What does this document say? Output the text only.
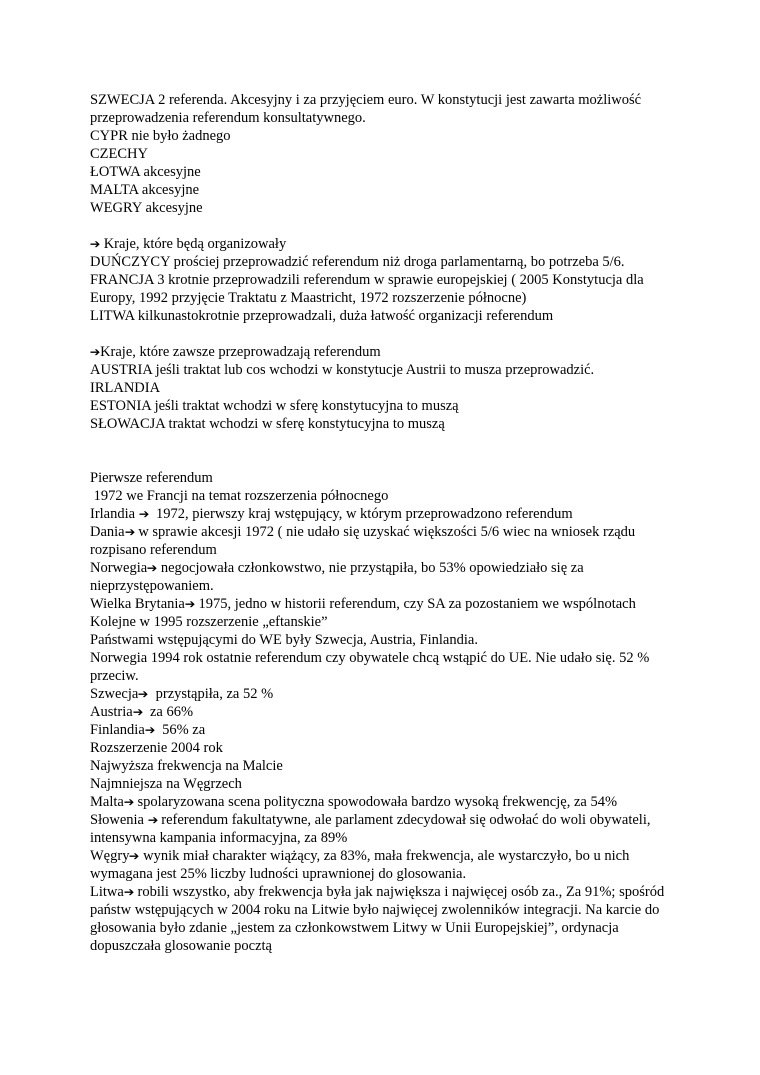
SZWECJA 2 referenda. Akcesyjny i za przyjęciem euro. W konstytucji jest zawarta możliwość przeprowadzenia referendum konsultatywnego.

CYPR nie było żadnego

CZECHY

ŁOTWA akcesyjne

MALTA akcesyjne

WEGRY akcesyjne

➔ Kraje, które będą organizowały

DUŃCZYCY prościej przeprowadzić referendum niż droga parlamentarną, bo potrzeba 5/6.

FRANCJA 3 krotnie przeprowadzili referendum w sprawie europejskiej ( 2005 Konstytucja dla Europy, 1992 przyjęcie Traktatu z Maastricht, 1972 rozszerzenie północne)

LITWA kilkunastokrotnie przeprowadzali, duża łatwość organizacji referendum

➔Kraje, które zawsze przeprowadzają referendum

AUSTRIA jeśli traktat lub cos wchodzi w konstytucje Austrii to musza przeprowadzić.

IRLANDIA

ESTONIA jeśli traktat wchodzi w sferę konstytucyjna to muszą

SŁOWACJA traktat wchodzi w sferę konstytucyjna to muszą

Pierwsze referendum

1972 we Francji na temat rozszerzenia północnego

Irlandia ➔  1972, pierwszy kraj wstępujący, w którym przeprowadzono referendum

Dania➔ w sprawie akcesji 1972 ( nie udało się uzyskać większości 5/6 wiec na wniosek rządu rozpisano referendum

Norwegia➔ negocjowała członkowstwo, nie przystąpiła, bo 53% opowiedziało się za nieprzystępowaniem.

Wielka Brytania➔ 1975, jedno w historii referendum, czy SA za pozostaniem we wspólnotach

Kolejne w 1995 rozszerzenie „eftanskie”

Państwami wstępującymi do WE były Szwecja, Austria, Finlandia.

Norwegia 1994 rok ostatnie referendum czy obywatele chcą wstąpić do UE. Nie udało się. 52 % przeciw.

Szwecja➔  przystąpiła, za 52 %

Austria➔  za 66%

Finlandia➔  56% za

Rozszerzenie 2004 rok

Najwyższa frekwencja na Malcie

Najmniejsza na Węgrzech

Malta➔ spolaryzowana scena polityczna spowodowała bardzo wysoką frekwencję, za 54%

Słowenia ➔ referendum fakultatywne, ale parlament zdecydował się odwołać do woli obywateli, intensywna kampania informacyjna, za 89%

Węgry➔ wynik miał charakter wiążący, za 83%, mała frekwencja, ale wystarczyło, bo u nich wymagana jest 25% liczby ludności uprawnionej do glosowania.

Litwa➔ robili wszystko, aby frekwencja była jak największa i najwięcej osób za., Za 91%; spośród państw wstępujących w 2004 roku na Litwie było najwięcej zwolenników integracji. Na karcie do głosowania było zdanie „jestem za członkowstwem Litwy w Unii Europejskiej”, ordynacja dopuszczała glosowanie pocztą
